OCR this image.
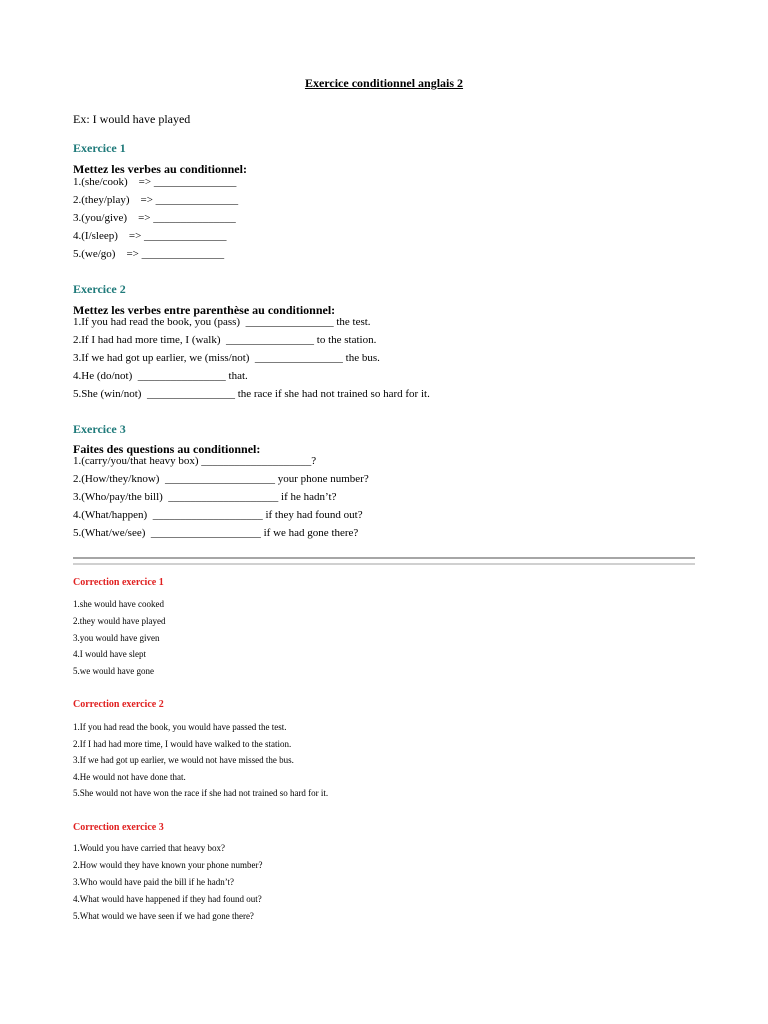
Exercice conditionnel anglais 2
Ex: I would have played
Exercice 1
Mettez les verbes au conditionnel:
1.(she/cook)    => _______________
2.(they/play)    => _______________
3.(you/give)    => _______________
4.(I/sleep)    => _______________
5.(we/go)    => _______________
Exercice 2
Mettez les verbes entre parenthèse au conditionnel:
1.If you had read the book, you (pass)  ________________ the test.
2.If I had had more time, I (walk)  ________________ to the station.
3.If we had got up earlier, we (miss/not)  ________________ the bus.
4.He (do/not)  ________________ that.
5.She (win/not)  ________________ the race if she had not trained so hard for it.
Exercice 3
Faites des questions au conditionnel:
1.(carry/you/that heavy box) ____________________?
2.(How/they/know)  ____________________ your phone number?
3.(Who/pay/the bill)  ____________________ if he hadn’t?
4.(What/happen)  ____________________ if they had found out?
5.(What/we/see)  ____________________ if we had gone there?
Correction exercice 1
1.she would have cooked
2.they would have played
3.you would have given
4.I would have slept
5.we would have gone
Correction exercice 2
1.If you had read the book, you would have passed the test.
2.If I had had more time, I would have walked to the station.
3.If we had got up earlier, we would not have missed the bus.
4.He would not have done that.
5.She would not have won the race if she had not trained so hard for it.
Correction exercice 3
1.Would you have carried that heavy box?
2.How would they have known your phone number?
3.Who would have paid the bill if he hadn’t?
4.What would have happened if they had found out?
5.What would we have seen if we had gone there?
